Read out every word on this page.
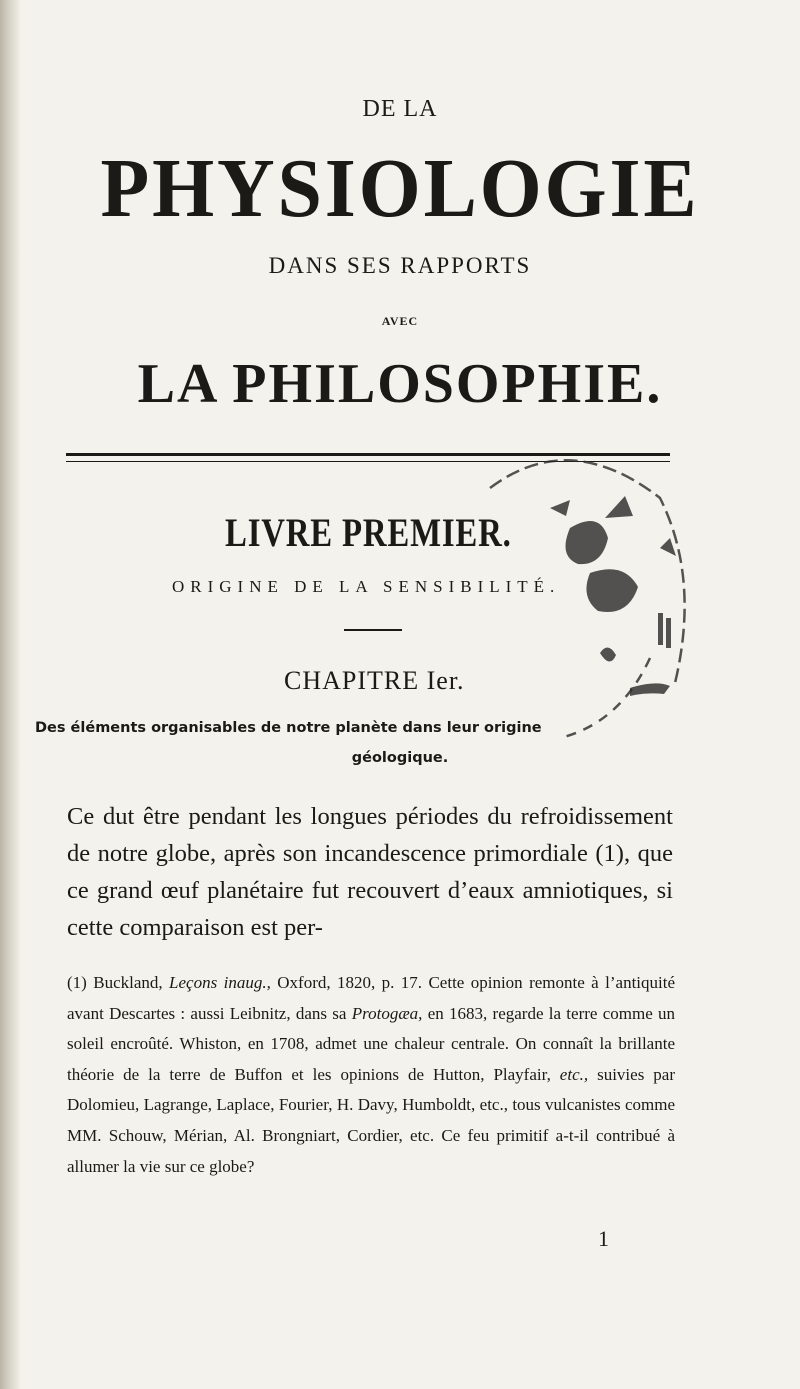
DE LA
PHYSIOLOGIE
DANS SES RAPPORTS
AVEC
LA PHILOSOPHIE.
LIVRE PREMIER.
ORIGINE DE LA SENSIBILITÉ.
CHAPITRE Ier.
Des éléments organisables de notre planète dans leur origine
géologique.
Ce dut être pendant les longues périodes du refroidissement de notre globe, après son incandescence primordiale (1), que ce grand œuf planétaire fut recouvert d’eaux amniotiques, si cette comparaison est per-
(1) Buckland, Leçons inaug., Oxford, 1820, p. 17. Cette opinion remonte à l’antiquité avant Descartes : aussi Leibnitz, dans sa Protogæa, en 1683, regarde la terre comme un soleil encroûté. Whiston, en 1708, admet une chaleur centrale. On connaît la brillante théorie de la terre de Buffon et les opinions de Hutton, Playfair, etc., suivies par Dolomieu, Lagrange, Laplace, Fourier, H. Davy, Humboldt, etc., tous vulcanistes comme MM. Schouw, Mérian, Al. Brongniart, Cordier, etc. Ce feu primitif a-t-il contribué à allumer la vie sur ce globe?
1
